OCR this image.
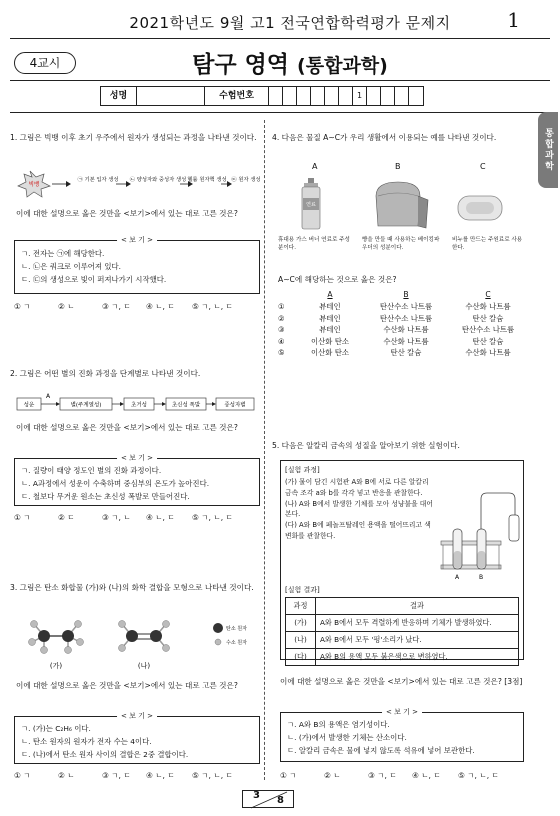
2021학년도 9월 고1 전국연합학력평가 문제지	1
4교시	탐구 영역 (통합과학)
성명	수험번호	1
통합과학
1. 그림은 빅뱅 이후 초기 우주에서 원자가 생성되는 과정을 나타낸 것이다.
빅뱅
㉠ 기본 입자 생성 ㉡ 양성자와 중성자 생성 헬륨 원자핵 생성 ㉢ 원자 생성
이에 대한 설명으로 옳은 것만을 <보기>에서 있는 대로 고른 것은?
< 보 기 >
ㄱ. 전자는 ㉠에 해당한다.
ㄴ. ㉡은 쿼크로 이루어져 있다.
ㄷ. ㉢의 생성으로 빛이 퍼져나가기 시작했다.
① ㄱ	② ㄴ	③ ㄱ, ㄷ	④ ㄴ, ㄷ	⑤ ㄱ, ㄴ, ㄷ
2. 그림은 어떤 별의 진화 과정을 단계별로 나타낸 것이다.
성운
A
별(주계열성)	초거성	초신성 폭발	중성자별
이에 대한 설명으로 옳은 것만을 <보기>에서 있는 대로 고른 것은?
< 보 기 >
ㄱ. 질량이 태양 정도인 별의 진화 과정이다.
ㄴ. A과정에서 성운이 수축하며 중심부의 온도가 높아진다.
ㄷ. 철보다 무거운 원소는 초신성 폭발로 만들어진다.
① ㄱ	② ㄷ	③ ㄱ, ㄴ	④ ㄴ, ㄷ	⑤ ㄱ, ㄴ, ㄷ
3. 그림은 탄소 화합물 (가)와 (나)의 화학 결합을 모형으로 나타낸 것이다.
(가)	(나)
탄소 원자
수소 원자
이에 대한 설명으로 옳은 것만을 <보기>에서 있는 대로 고른 것은?
< 보 기 >
ㄱ. (가)는 C₂H₆ 이다.
ㄴ. 탄소 원자의 원자가 전자 수는 4이다.
ㄷ. (나)에서 탄소 원자 사이의 결합은 2중 결합이다.
① ㄱ	② ㄴ	③ ㄱ, ㄷ	④ ㄴ, ㄷ	⑤ ㄱ, ㄴ, ㄷ
4. 다음은 물질 A~C가 우리 생활에서 이용되는 예를 나타낸 것이다.
A	B	C
연료
휴대용 가스 버너 연료로 주성분이다.
빵을 만들 때 사용하는 베이킹파우더의 성분이다.
비누를 만드는 주원료로 사용한다.
A~C에 해당하는 것으로 옳은 것은?
A	B	C
①	뷰테인	탄산수소 나트륨	수산화 나트륨
②	뷰테인	탄산수소 나트륨	탄산 칼슘
③	뷰테인	수산화 나트륨	탄산수소 나트륨
④	이산화 탄소	수산화 나트륨	탄산 칼슘
⑤	이산화 탄소	탄산 칼슘	수산화 나트륨
5. 다음은 알칼리 금속의 성질을 알아보기 위한 실험이다.
[실험 과정]
(가) 물이 담긴 시험관 A와 B에 서로 다른 알칼리 금속 조각 a와 b를 각각 넣고 반응을 관찰한다.
(나) A와 B에서 발생한 기체를 모아 성냥불을 대어본다.
(다) A와 B에 페놀프탈레인 용액을 떨어뜨리고 색 변화를 관찰한다.
A	B
[실험 결과]
과정	결과
(가)	A와 B에서 모두 격렬하게 반응하며 기체가 발생하였다.
(나)	A와 B에서 모두 '펑'소리가 났다.
(다)	A와 B의 용액 모두 붉은색으로 변하였다.
이에 대한 설명으로 옳은 것만을 <보기>에서 있는 대로 고른 것은? [3점]
< 보 기 >
ㄱ. A와 B의 용액은 염기성이다.
ㄴ. (가)에서 발생한 기체는 산소이다.
ㄷ. 알칼리 금속은 물에 넣지 않도록 석유에 넣어 보관한다.
① ㄱ	② ㄴ	③ ㄱ, ㄷ	④ ㄴ, ㄷ	⑤ ㄱ, ㄴ, ㄷ
3 8
